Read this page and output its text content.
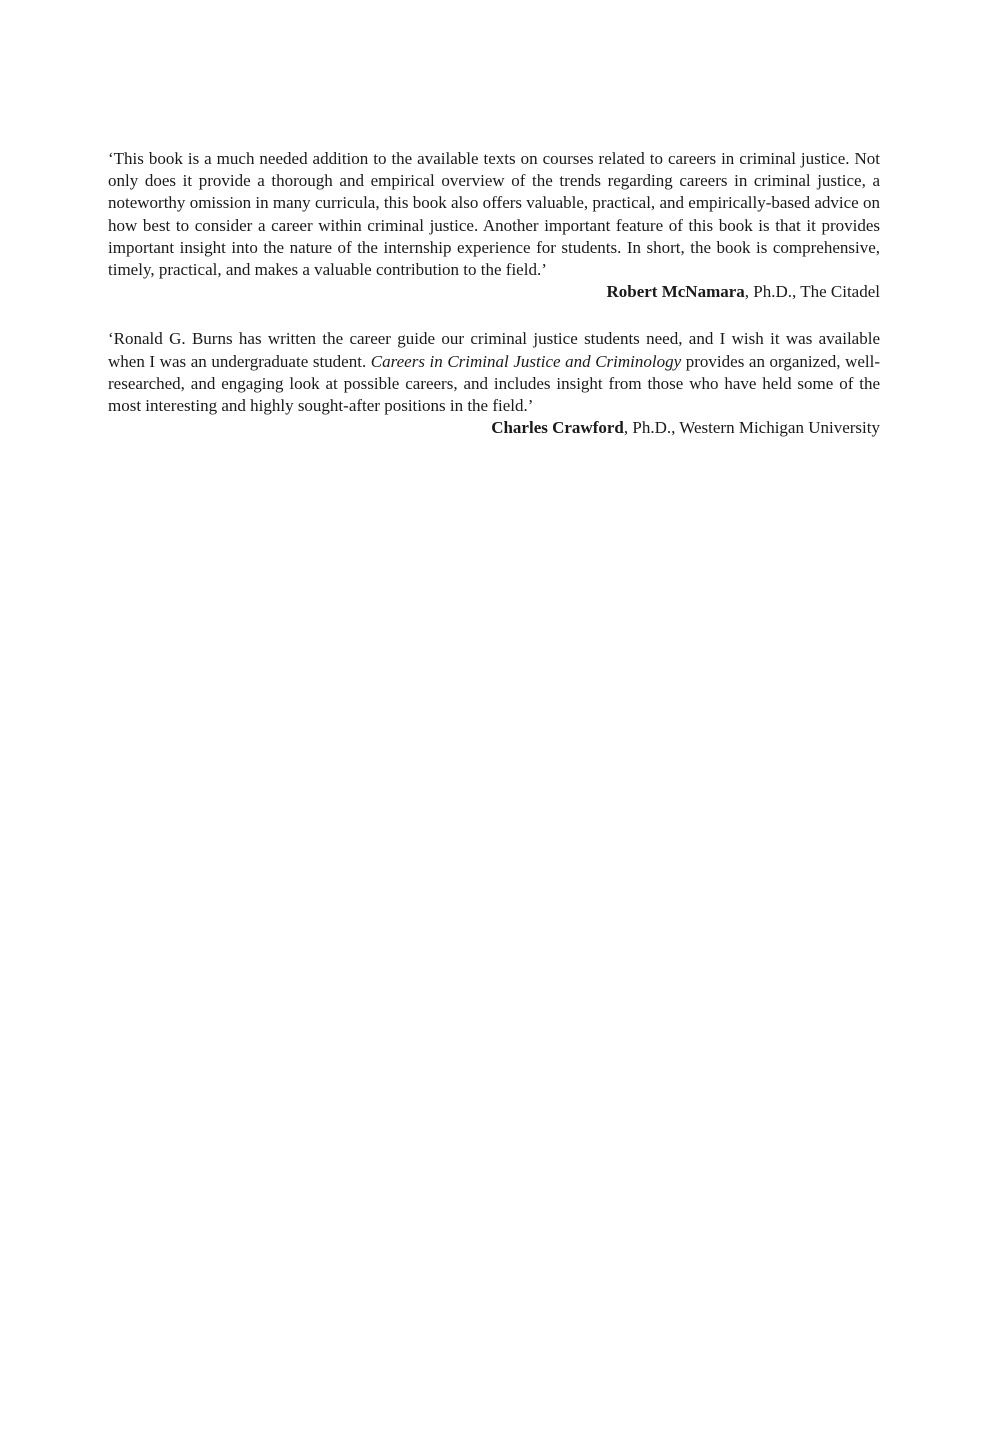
‘This book is a much needed addition to the available texts on courses related to careers in criminal justice. Not only does it provide a thorough and empirical overview of the trends regarding careers in criminal justice, a noteworthy omission in many curricula, this book also offers valuable, practical, and empirically-based advice on how best to consider a career within criminal justice. Another important feature of this book is that it provides important insight into the nature of the internship experience for students. In short, the book is comprehensive, timely, practical, and makes a valuable contribution to the field.’

Robert McNamara, Ph.D., The Citadel

‘Ronald G. Burns has written the career guide our criminal justice students need, and I wish it was available when I was an undergraduate student. Careers in Criminal Justice and Criminology provides an organized, well-researched, and engaging look at possible careers, and includes insight from those who have held some of the most interesting and highly sought-after positions in the field.’

Charles Crawford, Ph.D., Western Michigan University
